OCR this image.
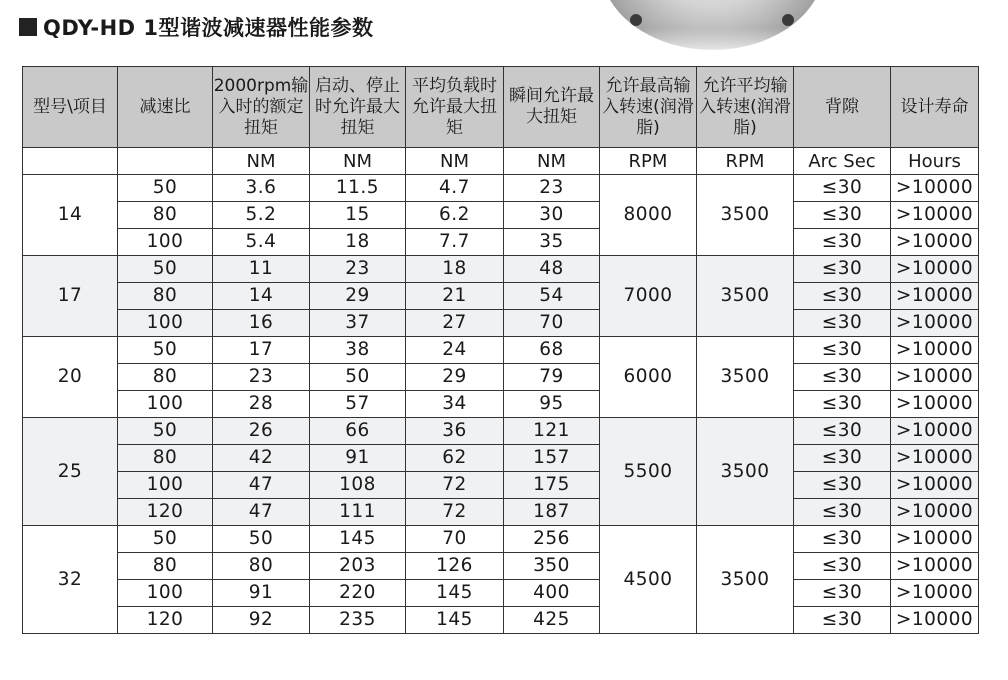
QDY-HD 1型谐波减速器性能参数
型号\项目	减速比	2000rpm输入时的额定扭矩	启动、停止时允许最大扭矩	平均负载时允许最大扭矩	瞬间允许最大扭矩	允许最高输入转速(润滑脂)	允许平均输入转速(润滑脂)	背隙	设计寿命
		NM	NM	NM	NM	RPM	RPM	Arc Sec	Hours
14	50	3.6	11.5	4.7	23	8000	3500	≤30	>10000
	80	5.2	15	6.2	30			≤30	>10000
	100	5.4	18	7.7	35			≤30	>10000
17	50	11	23	18	48	7000	3500	≤30	>10000
	80	14	29	21	54			≤30	>10000
	100	16	37	27	70			≤30	>10000
20	50	17	38	24	68	6000	3500	≤30	>10000
	80	23	50	29	79			≤30	>10000
	100	28	57	34	95			≤30	>10000
25	50	26	66	36	121	5500	3500	≤30	>10000
	80	42	91	62	157			≤30	>10000
	100	47	108	72	175			≤30	>10000
	120	47	111	72	187			≤30	>10000
32	50	50	145	70	256	4500	3500	≤30	>10000
	80	80	203	126	350			≤30	>10000
	100	91	220	145	400			≤30	>10000
	120	92	235	145	425			≤30	>10000
